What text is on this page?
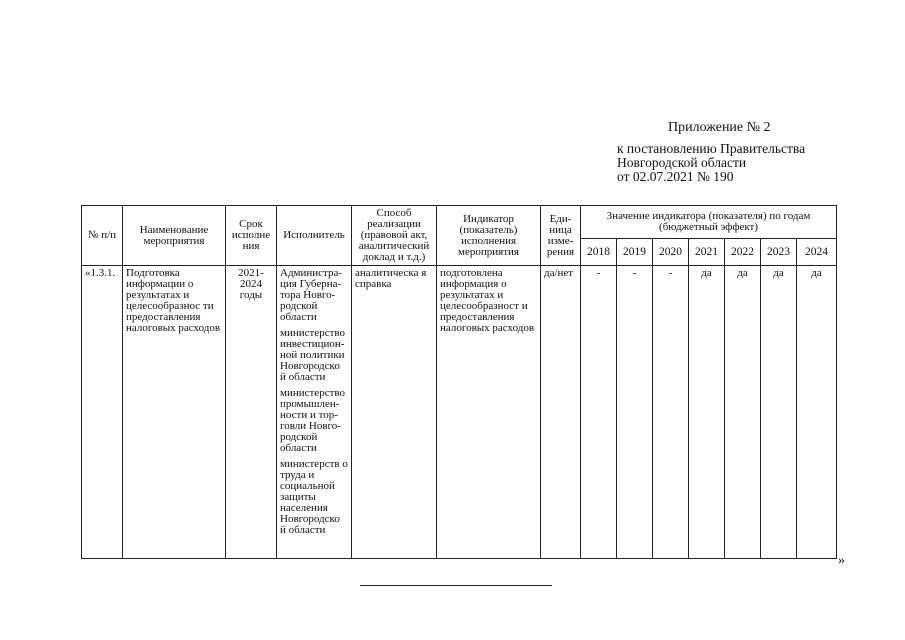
Приложение № 2
к постановлению Правительства
Новгородской области
от 02.07.2021 № 190
№ п/п	Наименование мероприятия	Срок исполне ния	Исполнитель	Способ реализации (правовой акт, аналитический доклад и т.д.)	Индикатор (показатель) исполнения мероприятия	Еди- ница изме- рения	Значение индикатора (показателя) по годам (бюджетный эффект)						
							2018	2019	2020	2021	2022	2023	2024
«1.3.1.	Подготовка информации о результатах и целесообразнос ти предоставления налоговых расходов	2021-2024 годы	Администра- ция Губерна- тора Новго- родской области
министерство инвестицион- ной политики Новгородско й области
министерство промышлен- ности и тор- говли Новго- родской области
министерств о труда и социальной защиты населения Новгородско й области	аналитическа я справка	подготовлена информация о результатах и целесообразност и предоставления налоговых расходов	да/нет	-	-	-	да	да	да	да
»
